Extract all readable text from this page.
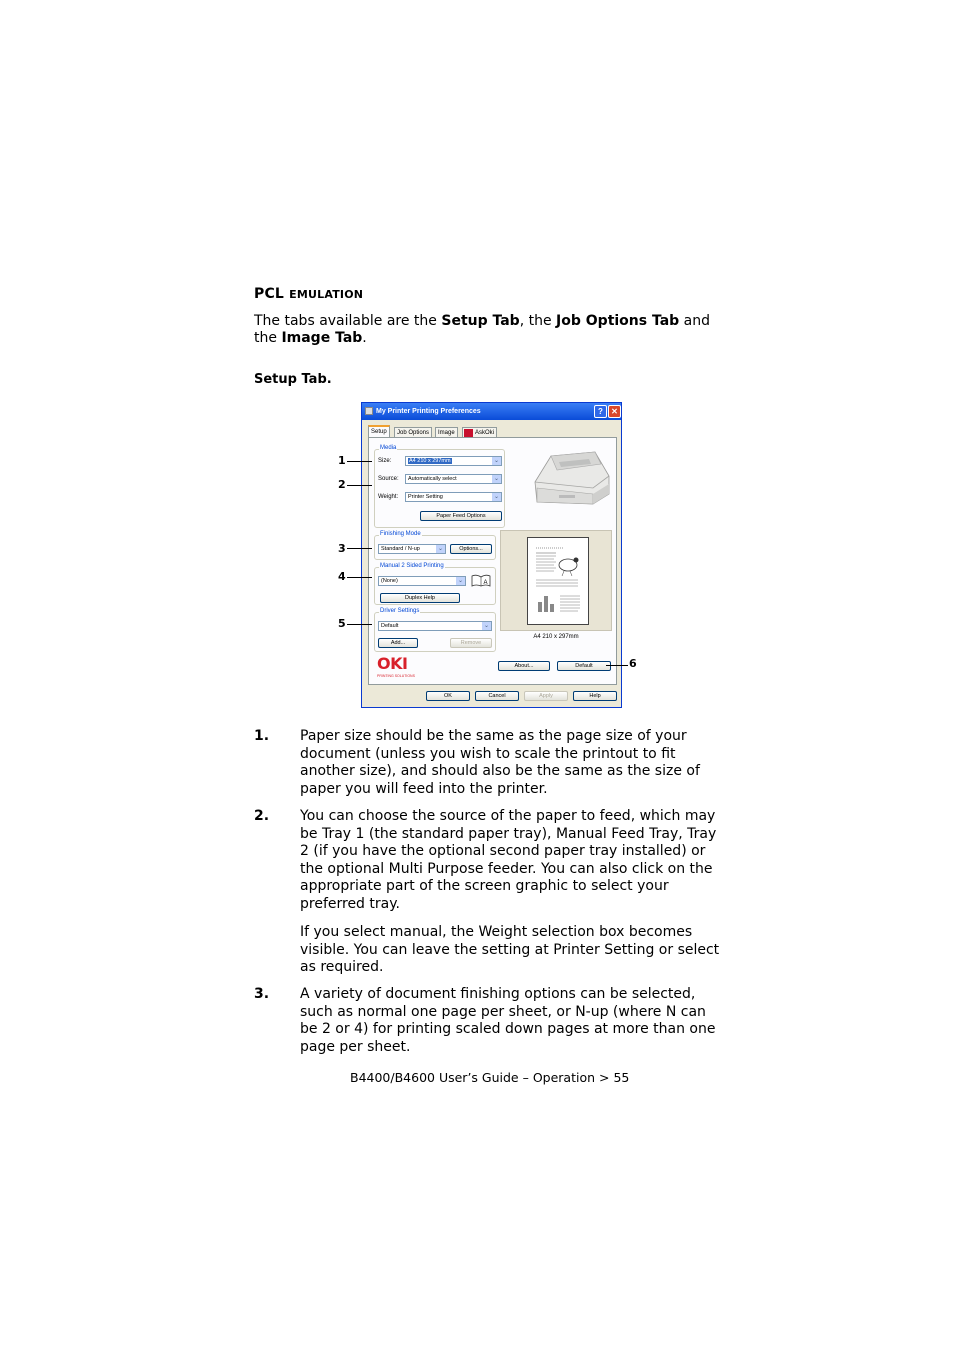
PCL EMULATION
The tabs available are the Setup Tab, the Job Options Tab and the Image Tab.
Setup Tab.
My Printer Printing Preferences	?	✕
Setup	Job Options	Image	AskOki
Media
Size:	A4 210 x 297mm	⌄
Source:	Automatically select	⌄
Weight:	Printer Setting	⌄
Paper Feed Options
Finishing Mode
Standard / N-up	⌄	Options...
Manual 2 Sided Printing
(None)	⌄	A
Duplex Help
Driver Settings
Default	⌄
Add...	Remove
A4 210 x 297mm
OKI
PRINTING SOLUTIONS
About...	Default
OK	Cancel	Apply	Help
1
2
3
4
5
6
1. Paper size should be the same as the page size of your document (unless you wish to scale the printout to fit another size), and should also be the same as the size of paper you will feed into the printer.
2. You can choose the source of the paper to feed, which may be Tray 1 (the standard paper tray), Manual Feed Tray, Tray 2 (if you have the optional second paper tray installed) or the optional Multi Purpose feeder. You can also click on the appropriate part of the screen graphic to select your preferred tray.
If you select manual, the Weight selection box becomes visible. You can leave the setting at Printer Setting or select as required.
3. A variety of document finishing options can be selected, such as normal one page per sheet, or N-up (where N can be 2 or 4) for printing scaled down pages at more than one page per sheet.
B4400/B4600 User’s Guide – Operation > 55
